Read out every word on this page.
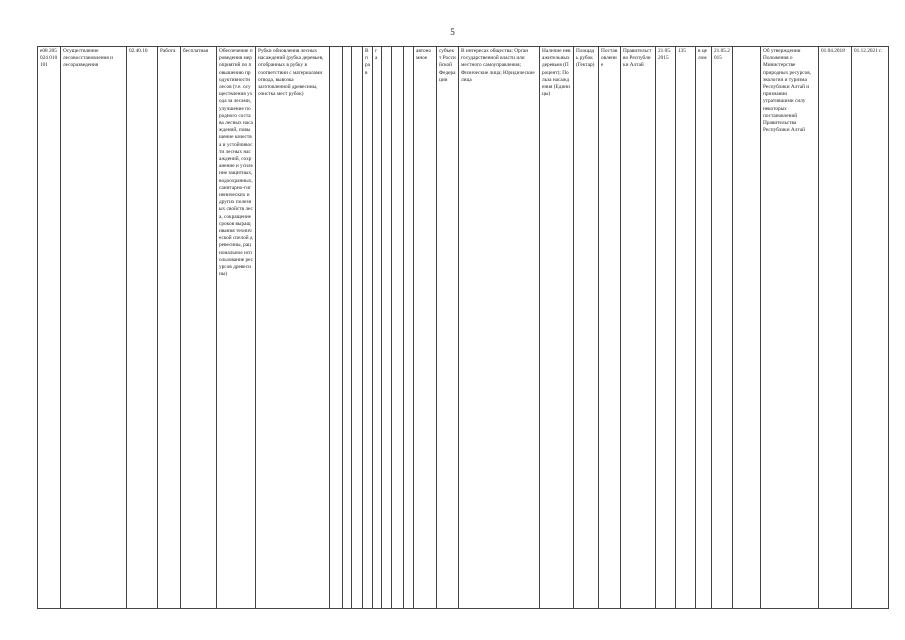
5
e08 205 024 010 101	Осуществление лесовосстановления и лесоразведения	02.40.10	Работа	бесплатная	Обеспечение проведения мероприятий по повышению продуктивности лесов (т.е. осуществления ухода за лесами, улучшение породного состава лесных насаждений, повышение качества и устойчивости лесных насаждений, сохранение и усиление защитных, водоохранных, санитарно-гигиенических и других полезных свойств леса, сокращение сроков выращивания технической спелой древесины, рациональное использование ресурсов древесины)	Рубки обновления лесных насаждений (рубка деревьев, отобранных в рубку в соответствии с материалами отвода, вывозка заготовленной древесины, очистка мест рубок)				Вправ	га				автономное	субъект Российской Федерации	В интересах общества; Орган государственной власти или местного самоуправления; Физические лица; Юридические лица	Наличие неважительных деревьев (Процент); Польза насаждения (Единицы)	Площадь рубок (Гектар)	Постановление	Правительство Республики Алтай	21.05.2015	135	в целом	21.05.2015		Об утверждении Положения о Министерстве природных ресурсов, экологии и туризма Республики Алтай и признании утратившими силу некоторых постановлений Правительства Республики Алтай	01.04.2018	01.12.2021 г.
